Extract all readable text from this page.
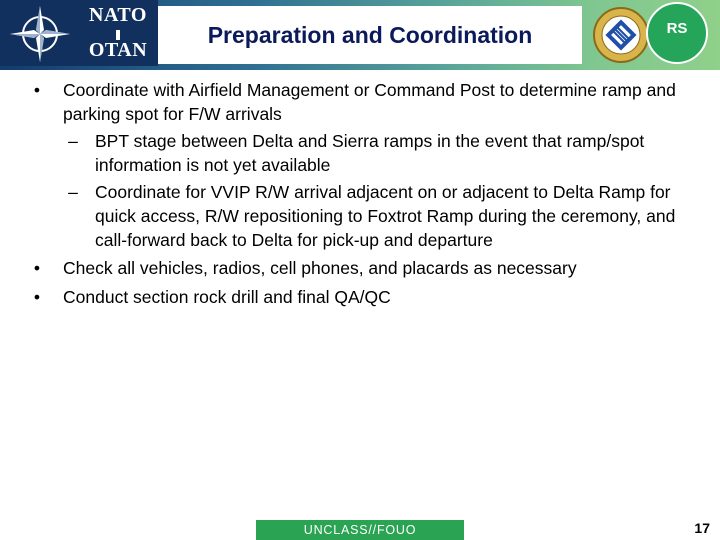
NATO
OTAN
Preparation and Coordination	RS

• Coordinate with Airfield Management or Command Post to determine ramp and parking spot for F/W arrivals

– BPT stage between Delta and Sierra ramps in the event that ramp/spot information is not yet available

– Coordinate for VVIP R/W arrival adjacent on or adjacent to Delta Ramp for quick access, R/W repositioning to Foxtrot Ramp during the ceremony, and call-forward back to Delta for pick-up and departure

• Check all vehicles, radios, cell phones, and placards as necessary

• Conduct section rock drill and final QA/QC

UNCLASS//FOUO	17
